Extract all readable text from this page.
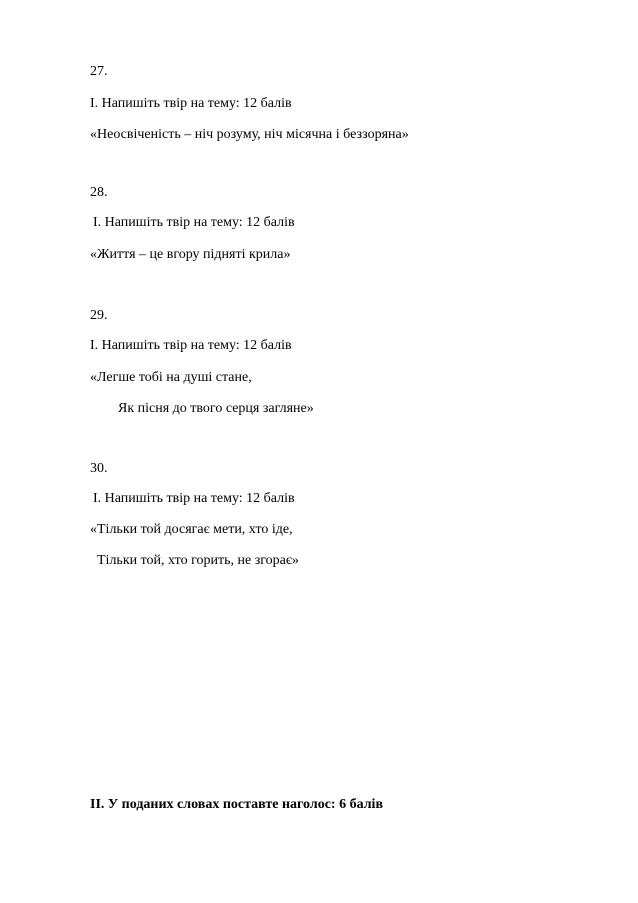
27.
I. Напишіть твір на тему: 12 балів
«Неосвіченість – ніч розуму, ніч місячна і беззоряна»
28.
I. Напишіть твір на тему: 12 балів
«Життя – це вгору підняті крила»
29.
I. Напишіть твір на тему: 12 балів
«Легше тобі на душі стане,
Як пісня до твого серця загляне»
30.
I. Напишіть твір на тему: 12 балів
«Тільки той досягає мети, хто іде,
Тільки той, хто горить, не згорає»
II. У поданих словах поставте наголос: 6 балів
